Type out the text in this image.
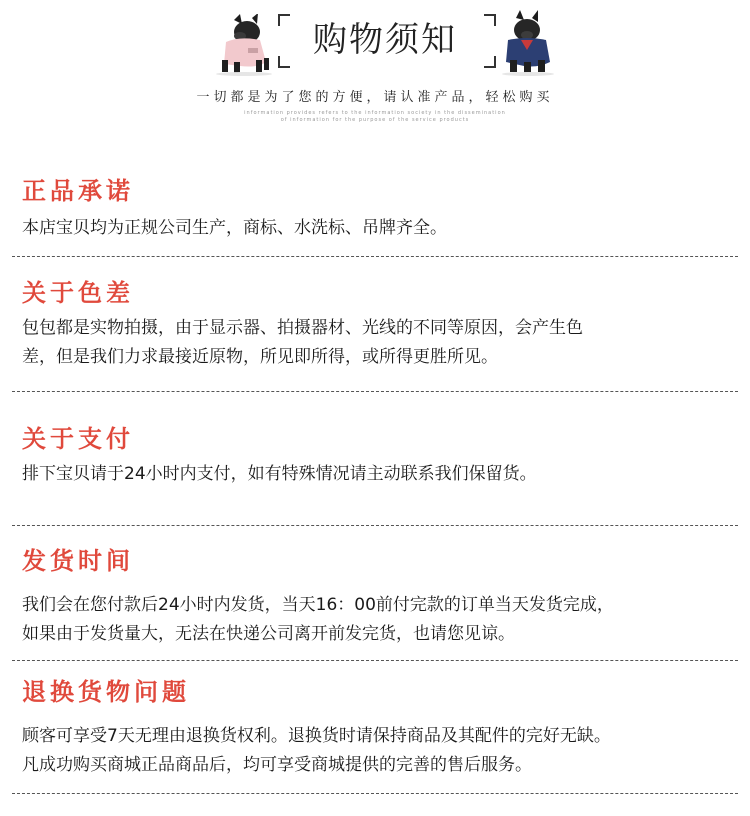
购物须知
一切都是为了您的方便，请认准产品，轻松购买
information provides refers to the information society in the dissemination
of information for the purpose of the service products
正品承诺
本店宝贝均为正规公司生产，商标、水洗标、吊牌齐全。
关于色差
包包都是实物拍摄，由于显示器、拍摄器材、光线的不同等原因，会产生色
差，但是我们力求最接近原物，所见即所得，或所得更胜所见。
关于支付
排下宝贝请于24小时内支付，如有特殊情况请主动联系我们保留货。
发货时间
我们会在您付款后24小时内发货，当天16：00前付完款的订单当天发货完成，
如果由于发货量大，无法在快递公司离开前发完货，也请您见谅。
退换货物问题
顾客可享受7天无理由退换货权利。退换货时请保持商品及其配件的完好无缺。
凡成功购买商城正品商品后，均可享受商城提供的完善的售后服务。
